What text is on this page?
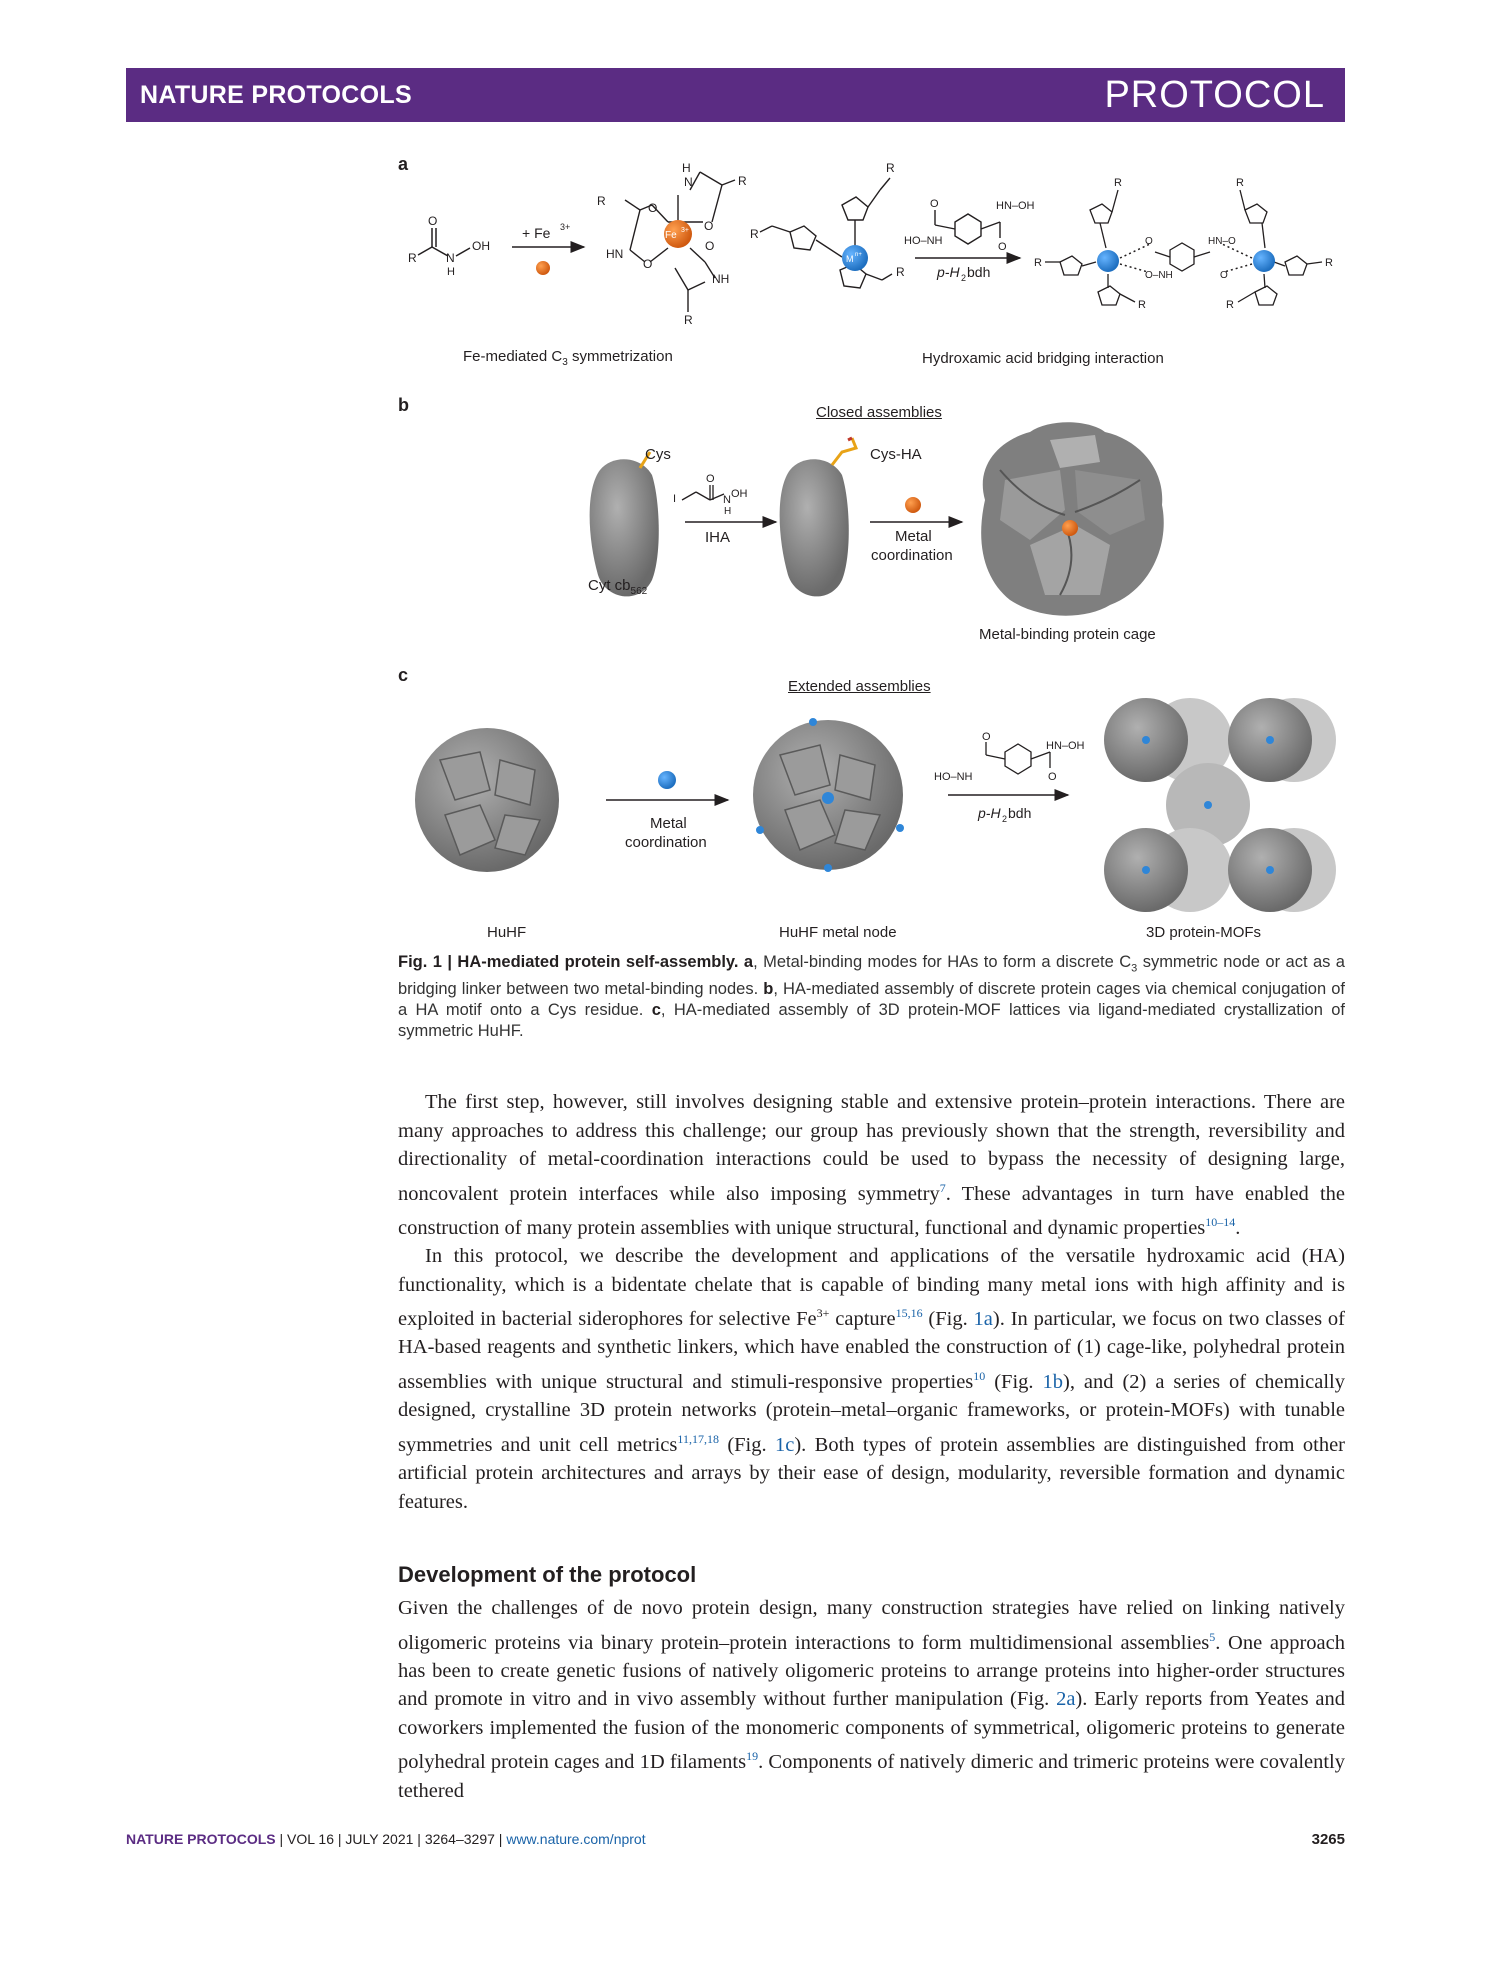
NATURE PROTOCOLS	PROTOCOL
a
b
c
R
O
N
H
OH
+ Fe 3+
R
H
N	R
O
O
HN
O
O
NH
R
Fe 3+
R
R
R
M n+
O	HN–OH
HO–NH	O
p-H 2 bdh
R	R
R	R
R	R
O
O–NH
HN–O
O
I
O
N
H
OH
O
HN–OH
HO–NH	O
p-H 2 bdh
Fe-mediated $C_3$ symmetrization	Hydroxamic acid bridging interaction
Closed assemblies
Cys
Cyt $cb_{562}$
IHA
Cys-HA
Metal
coordination
Metal-binding protein cage
Extended assemblies
Metal
coordination
HuHF	HuHF metal node	3D protein-MOFs
Fig. 1 | HA-mediated protein self-assembly. a, Metal-binding modes for HAs to form a discrete $C_3$ symmetric node or act as a bridging linker between two metal-binding nodes. b, HA-mediated assembly of discrete protein cages via chemical conjugation of a HA motif onto a Cys residue. c, HA-mediated assembly of 3D protein-MOF lattices via ligand-mediated crystallization of symmetric HuHF.

The first step, however, still involves designing stable and extensive protein–protein interactions. There are many approaches to address this challenge; our group has previously shown that the strength, reversibility and directionality of metal-coordination interactions could be used to bypass the necessity of designing large, noncovalent protein interfaces while also imposing symmetry$^7$. These advantages in turn have enabled the construction of many protein assemblies with unique structural, functional and dynamic properties$^{10-14}$.

In this protocol, we describe the development and applications of the versatile hydroxamic acid (HA) functionality, which is a bidentate chelate that is capable of binding many metal ions with high affinity and is exploited in bacterial siderophores for selective $Fe^{3+}$ capture$^{15,16}$ (Fig. 1a). In particular, we focus on two classes of HA-based reagents and synthetic linkers, which have enabled the construction of (1) cage-like, polyhedral protein assemblies with unique structural and stimuli-responsive properties$^{10}$ (Fig. 1b), and (2) a series of chemically designed, crystalline 3D protein networks (protein–metal–organic frameworks, or protein-MOFs) with tunable symmetries and unit cell metrics$^{11,17,18}$ (Fig. 1c). Both types of protein assemblies are distinguished from other artificial protein architectures and arrays by their ease of design, modularity, reversible formation and dynamic features.

Development of the protocol

Given the challenges of de novo protein design, many construction strategies have relied on linking natively oligomeric proteins via binary protein–protein interactions to form multidimensional assemblies$^5$. One approach has been to create genetic fusions of natively oligomeric proteins to arrange proteins into higher-order structures and promote in vitro and in vivo assembly without further manipulation (Fig. 2a). Early reports from Yeates and coworkers implemented the fusion of the monomeric components of symmetrical, oligomeric proteins to generate polyhedral protein cages and 1D filaments$^{19}$. Components of natively dimeric and trimeric proteins were covalently tethered

NATURE PROTOCOLS | VOL 16 | JULY 2021 | 3264–3297 | www.nature.com/nprot	3265
